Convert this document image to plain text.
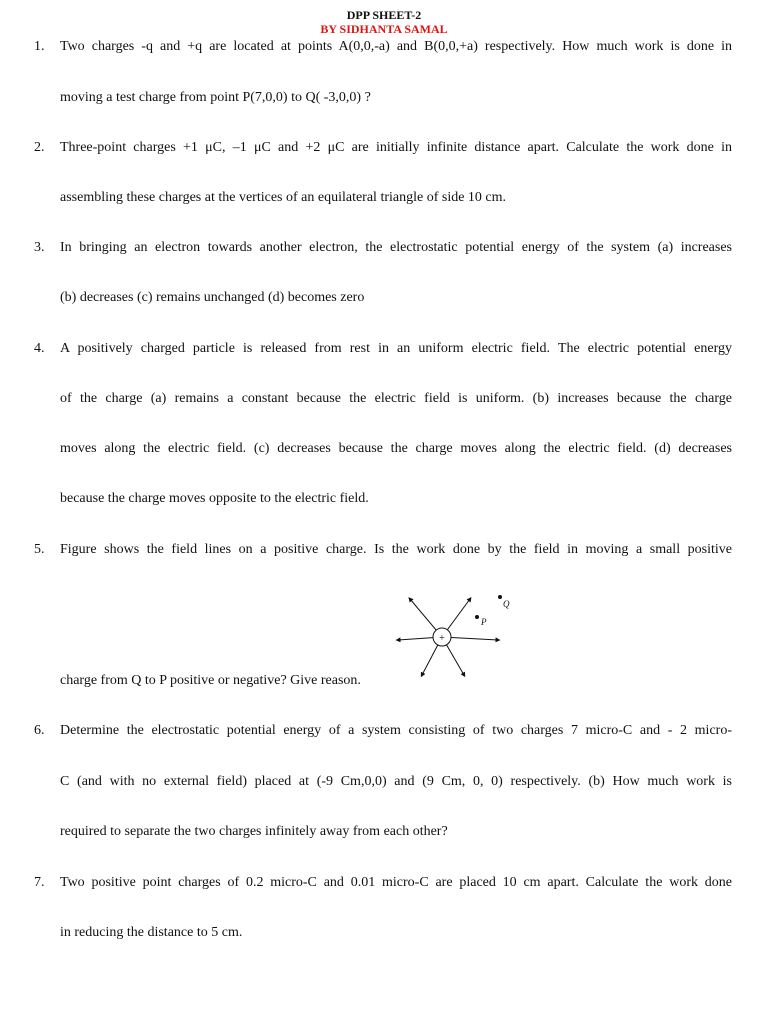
DPP SHEET-2
BY SIDHANTA SAMAL
1. Two charges -q and +q are located at points A(0,0,-a) and B(0,0,+a) respectively. How much work is done in
moving a test charge from point P(7,0,0) to Q( -3,0,0) ?
2. Three-point charges +1 μC, –1 μC and +2 μC are initially infinite distance apart. Calculate the work done in
assembling these charges at the vertices of an equilateral triangle of side 10 cm.
3. In bringing an electron towards another electron, the electrostatic potential energy of the system (a) increases
(b) decreases (c) remains unchanged (d) becomes zero
4. A positively charged particle is released from rest in an uniform electric field. The electric potential energy
of the charge (a) remains a constant because the electric field is uniform. (b) increases because the charge
moves along the electric field. (c) decreases because the charge moves along the electric field. (d) decreases
because the charge moves opposite to the electric field.
5. Figure shows the field lines on a positive charge. Is the work done by the field in moving a small positive
+
P
Q
charge from Q to P positive or negative? Give reason.
6. Determine the electrostatic potential energy of a system consisting of two charges 7 micro-C and - 2 micro-
C (and with no external field) placed at (-9 Cm,0,0) and (9 Cm, 0, 0) respectively. (b) How much work is
required to separate the two charges infinitely away from each other?
7. Two positive point charges of 0.2 micro-C and 0.01 micro-C are placed 10 cm apart. Calculate the work done
in reducing the distance to 5 cm.
